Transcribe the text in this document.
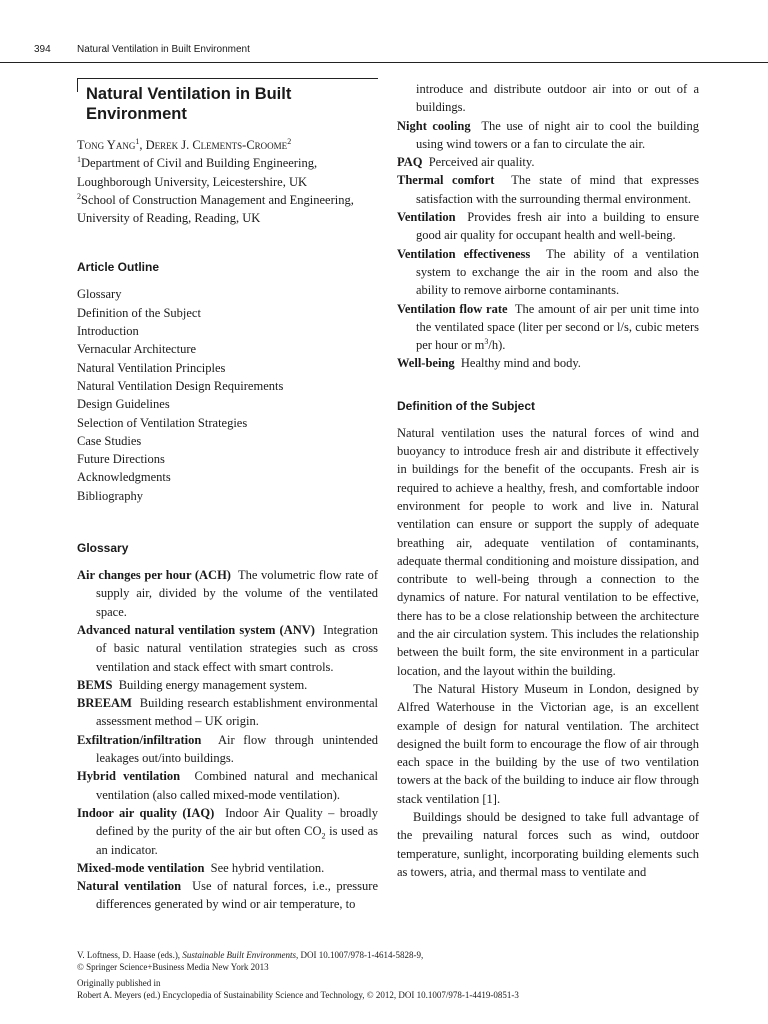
394	Natural Ventilation in Built Environment
Natural Ventilation in Built Environment

Tong Yang$^1$, Derek J. Clements-Croome$^2$

$^1$Department of Civil and Building Engineering, Loughborough University, Leicestershire, UK

$^2$School of Construction Management and Engineering, University of Reading, Reading, UK

Article Outline
Glossary
Definition of the Subject
Introduction
Vernacular Architecture
Natural Ventilation Principles
Natural Ventilation Design Requirements
Design Guidelines
Selection of Ventilation Strategies
Case Studies
Future Directions
Acknowledgments
Bibliography
Glossary

Air changes per hour (ACH) The volumetric flow rate of supply air, divided by the volume of the ventilated space.

Advanced natural ventilation system (ANV) Integration of basic natural ventilation strategies such as cross ventilation and stack effect with smart controls.

BEMS Building energy management system.

BREEAM Building research establishment environmental assessment method – UK origin.

Exfiltration/infiltration Air flow through unintended leakages out/into buildings.

Hybrid ventilation Combined natural and mechanical ventilation (also called mixed-mode ventilation).

Indoor air quality (IAQ) Indoor Air Quality – broadly defined by the purity of the air but often $CO_2$ is used as an indicator.

Mixed-mode ventilation See hybrid ventilation.

Natural ventilation Use of natural forces, i.e., pressure differences generated by wind or air temperature, to

introduce and distribute outdoor air into or out of a buildings.

Night cooling The use of night air to cool the building using wind towers or a fan to circulate the air.

PAQ Perceived air quality.

Thermal comfort The state of mind that expresses satisfaction with the surrounding thermal environment.

Ventilation Provides fresh air into a building to ensure good air quality for occupant health and well-being.

Ventilation effectiveness The ability of a ventilation system to exchange the air in the room and also the ability to remove airborne contaminants.

Ventilation flow rate The amount of air per unit time into the ventilated space (liter per second or l/s, cubic meters per hour or $m^3/h$).

Well-being Healthy mind and body.

Definition of the Subject

Natural ventilation uses the natural forces of wind and buoyancy to introduce fresh air and distribute it effectively in buildings for the benefit of the occupants. Fresh air is required to achieve a healthy, fresh, and comfortable indoor environment for people to work and live in. Natural ventilation can ensure or support the supply of adequate breathing air, adequate ventilation of contaminants, adequate thermal conditioning and moisture dissipation, and contribute to well-being through a connection to the dynamics of nature. For natural ventilation to be effective, there has to be a close relationship between the architecture and the air circulation system. This includes the relationship between the built form, the site environment in a particular location, and the layout within the building.

The Natural History Museum in London, designed by Alfred Waterhouse in the Victorian age, is an excellent example of design for natural ventilation. The architect designed the built form to encourage the flow of air through each space in the building by the use of two ventilation towers at the back of the building to induce air flow through stack ventilation [1].

Buildings should be designed to take full advantage of the prevailing natural forces such as wind, outdoor temperature, sunlight, incorporating building elements such as towers, atria, and thermal mass to ventilate and

V. Loftness, D. Haase (eds.), Sustainable Built Environments, DOI 10.1007/978-1-4614-5828-9,

© Springer Science+Business Media New York 2013

Originally published in

Robert A. Meyers (ed.) Encyclopedia of Sustainability Science and Technology, © 2012, DOI 10.1007/978-1-4419-0851-3
